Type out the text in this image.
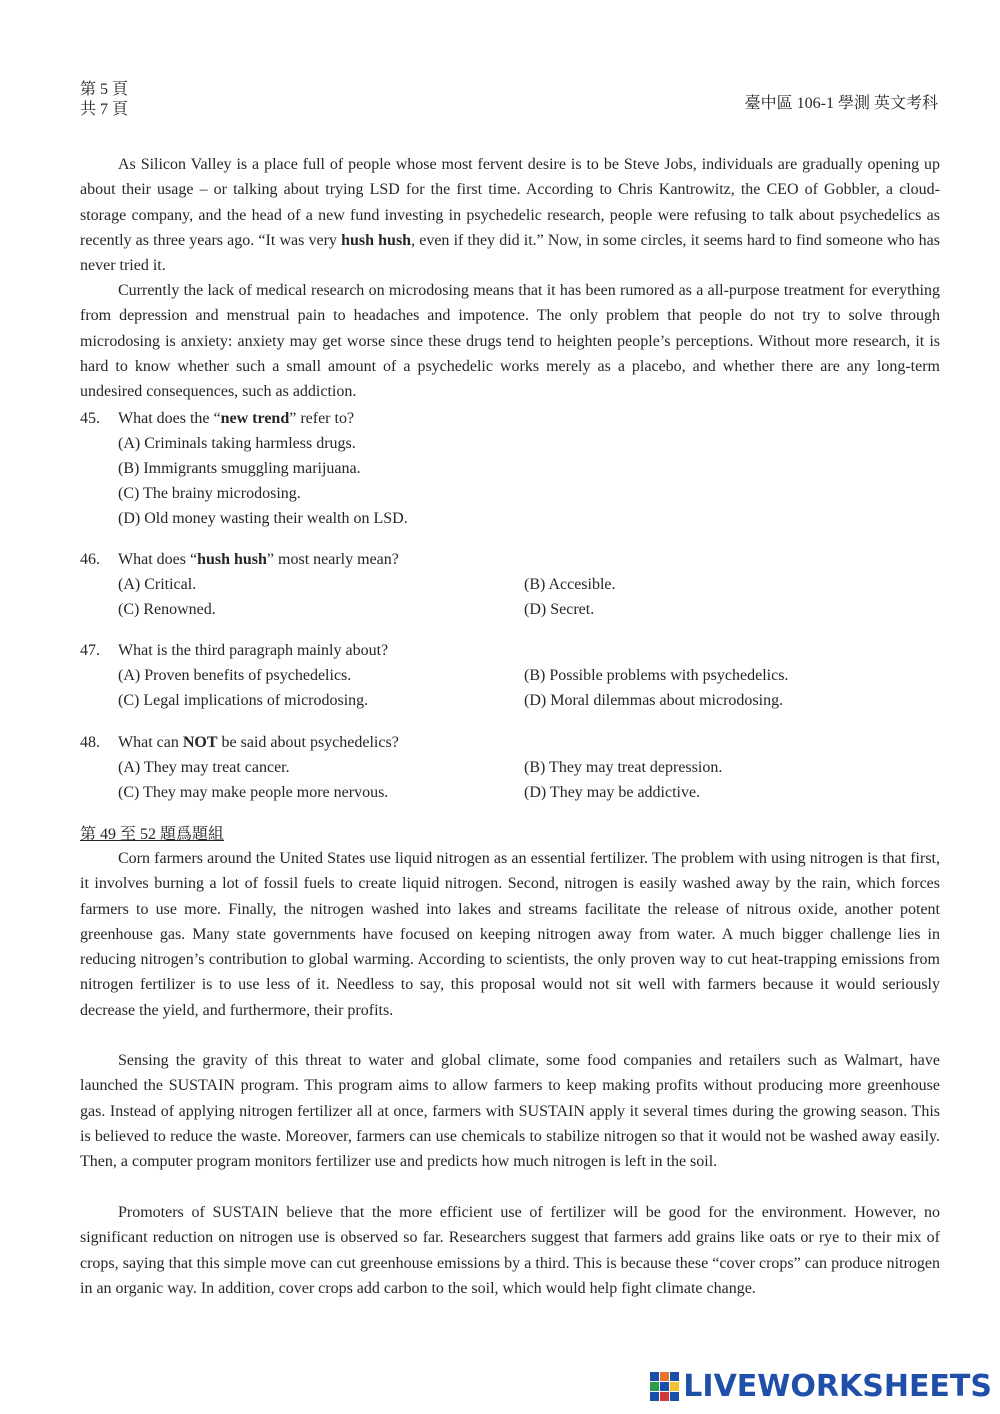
第 5 頁
共 7 頁	臺中區 106-1 學測 英文考科

As Silicon Valley is a place full of people whose most fervent desire is to be Steve Jobs, individuals are gradually opening up about their usage – or talking about trying LSD for the first time. According to Chris Kantrowitz, the CEO of Gobbler, a cloud-storage company, and the head of a new fund investing in psychedelic research, people were refusing to talk about psychedelics as recently as three years ago. “It was very hush hush, even if they did it.” Now, in some circles, it seems hard to find someone who has never tried it.

Currently the lack of medical research on microdosing means that it has been rumored as a all-purpose treatment for everything from depression and menstrual pain to headaches and impotence. The only problem that people do not try to solve through microdosing is anxiety: anxiety may get worse since these drugs tend to heighten people’s perceptions. Without more research, it is hard to know whether such a small amount of a psychedelic works merely as a placebo, and whether there are any long-term undesired consequences, such as addiction.

45. What does the “new trend” refer to?
(A) Criminals taking harmless drugs.
(B) Immigrants smuggling marijuana.
(C) The brainy microdosing.
(D) Old money wasting their wealth on LSD.
46. What does “hush hush” most nearly mean?
(A) Critical.	(B) Accesible.
(C) Renowned.	(D) Secret.
47. What is the third paragraph mainly about?
(A) Proven benefits of psychedelics.	(B) Possible problems with psychedelics.
(C) Legal implications of microdosing.	(D) Moral dilemmas about microdosing.
48. What can NOT be said about psychedelics?
(A) They may treat cancer.	(B) They may treat depression.
(C) They may make people more nervous.	(D) They may be addictive.
第 49 至 52 題爲題組

Corn farmers around the United States use liquid nitrogen as an essential fertilizer. The problem with using nitrogen is that first, it involves burning a lot of fossil fuels to create liquid nitrogen. Second, nitrogen is easily washed away by the rain, which forces farmers to use more. Finally, the nitrogen washed into lakes and streams facilitate the release of nitrous oxide, another potent greenhouse gas. Many state governments have focused on keeping nitrogen away from water. A much bigger challenge lies in reducing nitrogen’s contribution to global warming. According to scientists, the only proven way to cut heat-trapping emissions from nitrogen fertilizer is to use less of it. Needless to say, this proposal would not sit well with farmers because it would seriously decrease the yield, and furthermore, their profits.

Sensing the gravity of this threat to water and global climate, some food companies and retailers such as Walmart, have launched the SUSTAIN program. This program aims to allow farmers to keep making profits without producing more greenhouse gas. Instead of applying nitrogen fertilizer all at once, farmers with SUSTAIN apply it several times during the growing season. This is believed to reduce the waste. Moreover, farmers can use chemicals to stabilize nitrogen so that it would not be washed away easily. Then, a computer program monitors fertilizer use and predicts how much nitrogen is left in the soil.

Promoters of SUSTAIN believe that the more efficient use of fertilizer will be good for the environment. However, no significant reduction on nitrogen use is observed so far. Researchers suggest that farmers add grains like oats or rye to their mix of crops, saying that this simple move can cut greenhouse emissions by a third. This is because these “cover crops” can produce nitrogen in an organic way. In addition, cover crops add carbon to the soil, which would help fight climate change.

LIVEWORKSHEETS
